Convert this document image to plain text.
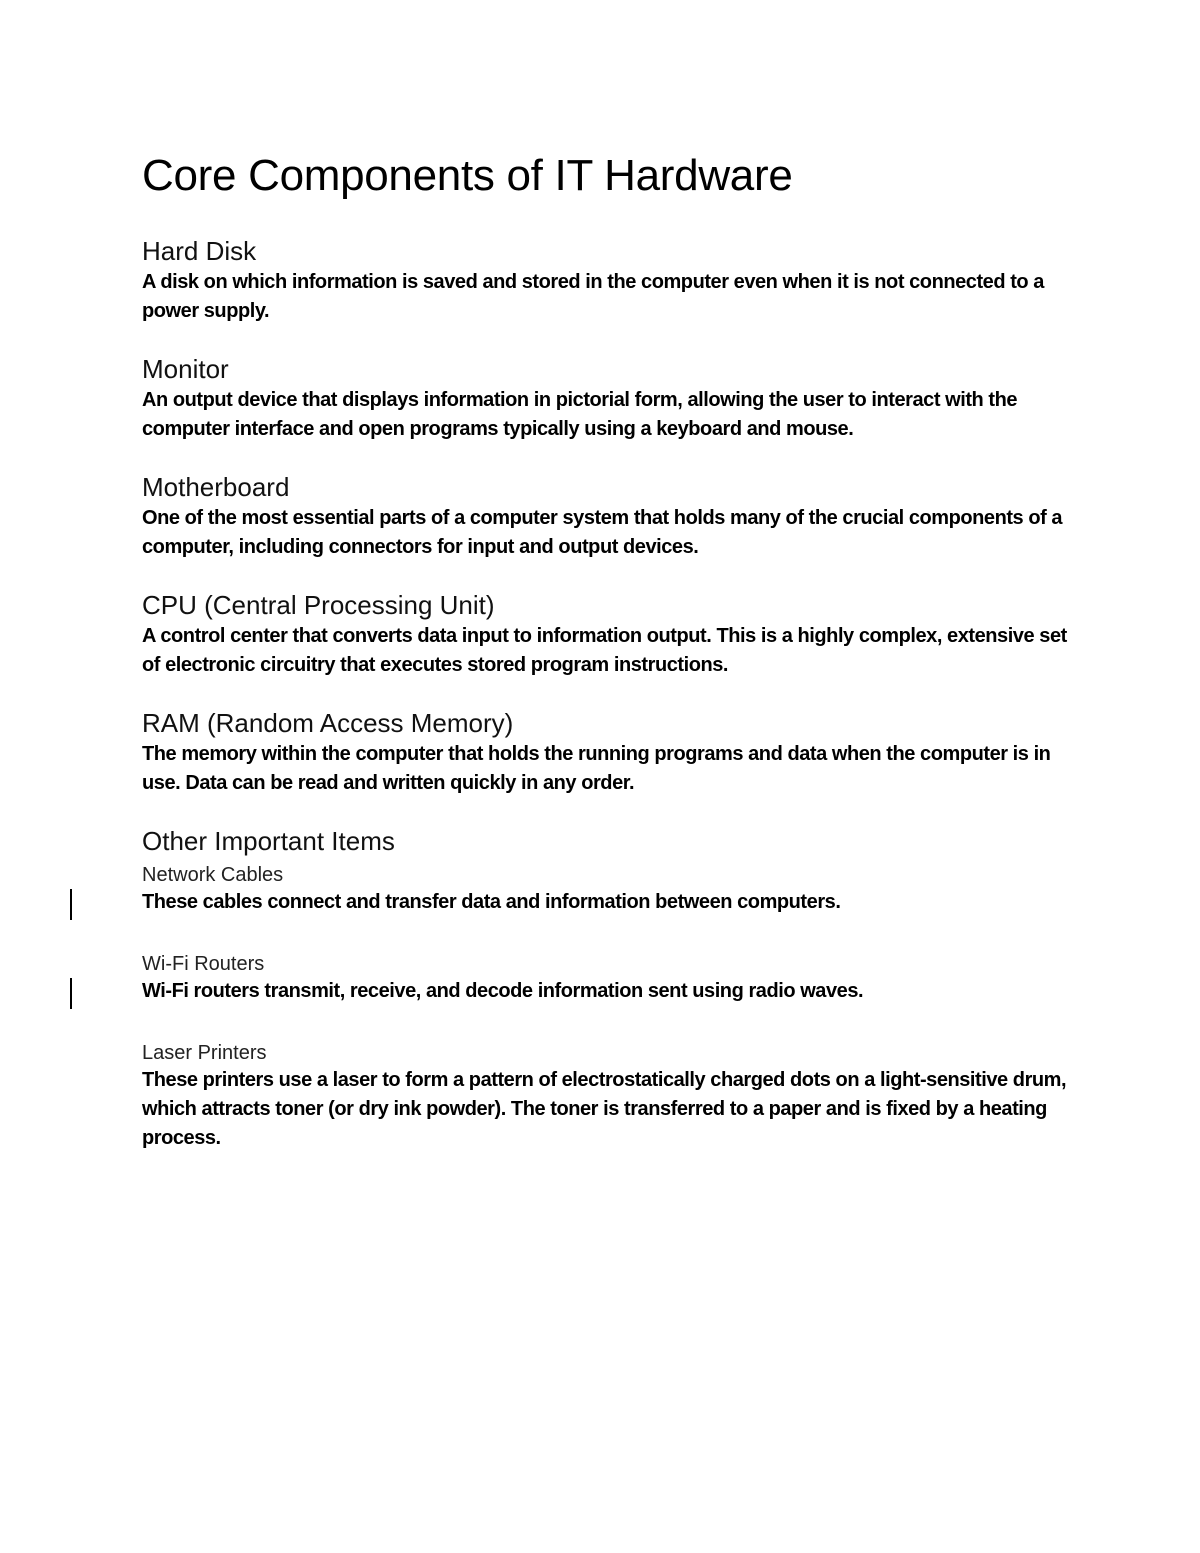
Core Components of IT Hardware
Hard Disk

A disk on which information is saved and stored in the computer even when it is not connected to a power supply.

Monitor

An output device that displays information in pictorial form, allowing the user to interact with the computer interface and open programs typically using a keyboard and mouse.

Motherboard

One of the most essential parts of a computer system that holds many of the crucial components of a computer, including connectors for input and output devices.

CPU (Central Processing Unit)

A control center that converts data input to information output. This is a highly complex, extensive set of electronic circuitry that executes stored program instructions.

RAM (Random Access Memory)

The memory within the computer that holds the running programs and data when the computer is in use. Data can be read and written quickly in any order.

Other Important Items
Network Cables

These cables connect and transfer data and information between computers.

Wi-Fi Routers

Wi-Fi routers transmit, receive, and decode information sent using radio waves.

Laser Printers

These printers use a laser to form a pattern of electrostatically charged dots on a light-sensitive drum, which attracts toner (or dry ink powder). The toner is transferred to a paper and is fixed by a heating process.
